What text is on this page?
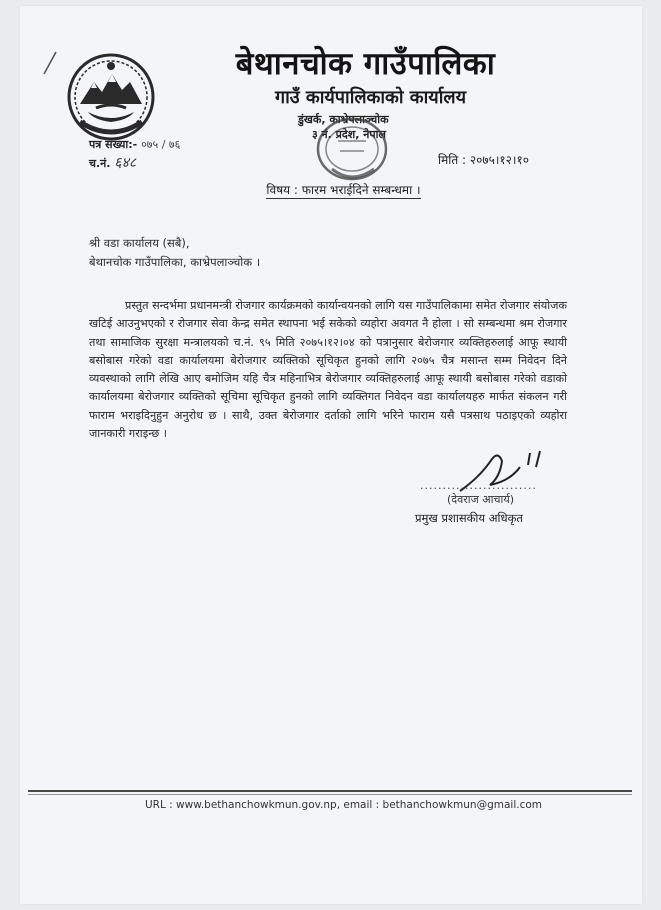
बेथानचोक गाउँपालिका
गाउँ कार्यपालिकाको कार्यालय
डुंखर्क, काभ्रेपलाञ्चोक
३ नं. प्रदेश, नेपाल
पत्र संख्या:- ०७५ / ७६
च.नं. ६४८	मिति : २०७५।१२।१०
विषय : फारम भराईदिने सम्बन्धमा ।
श्री वडा कार्यालय (सबै),
बेथानचोक गाउँपालिका, काभ्रेपलाञ्चोक ।
प्रस्तुत सन्दर्भमा प्रधानमन्त्री रोजगार कार्यक्रमको कार्यान्वयनको लागि यस गाउँपालिकामा समेत रोजगार संयोजक खटिई आउनुभएको र रोजगार सेवा केन्द्र समेत स्थापना भई सकेको व्यहोरा अवगत नै होला । सो सम्बन्धमा श्रम रोजगार तथा सामाजिक सुरक्षा मन्त्रालयको च.नं. ९५ मिति २०७५।१२।०४ को पत्रानुसार बेरोजगार व्यक्तिहरुलाई आफू स्थायी बसोबास गरेको वडा कार्यालयमा बेरोजगार व्यक्तिको सूचिकृत हुनको लागि २०७५ चैत्र मसान्त सम्म निवेदन दिने व्यवस्थाको लागि लेखि आए बमोजिम यहि चैत्र महिनाभित्र बेरोजगार व्यक्तिहरुलाई आफू स्थायी बसोबास गरेको वडाको कार्यालयमा बेरोजगार व्यक्तिको सूचिमा सूचिकृत हुनको लागि व्यक्तिगत निवेदन वडा कार्यालयहरु मार्फत संकलन गरी फाराम भराइदिनुहुन अनुरोध छ । साथै, उक्त बेरोजगार दर्ताको लागि भरिने फाराम यसै पत्रसाथ पठाइएको व्यहोरा जानकारी गराइन्छ ।
..........................
(देवराज आचार्य)
प्रमुख प्रशासकीय अधिकृत
URL : www.bethanchowkmun.gov.np, email : bethanchowkmun@gmail.com
